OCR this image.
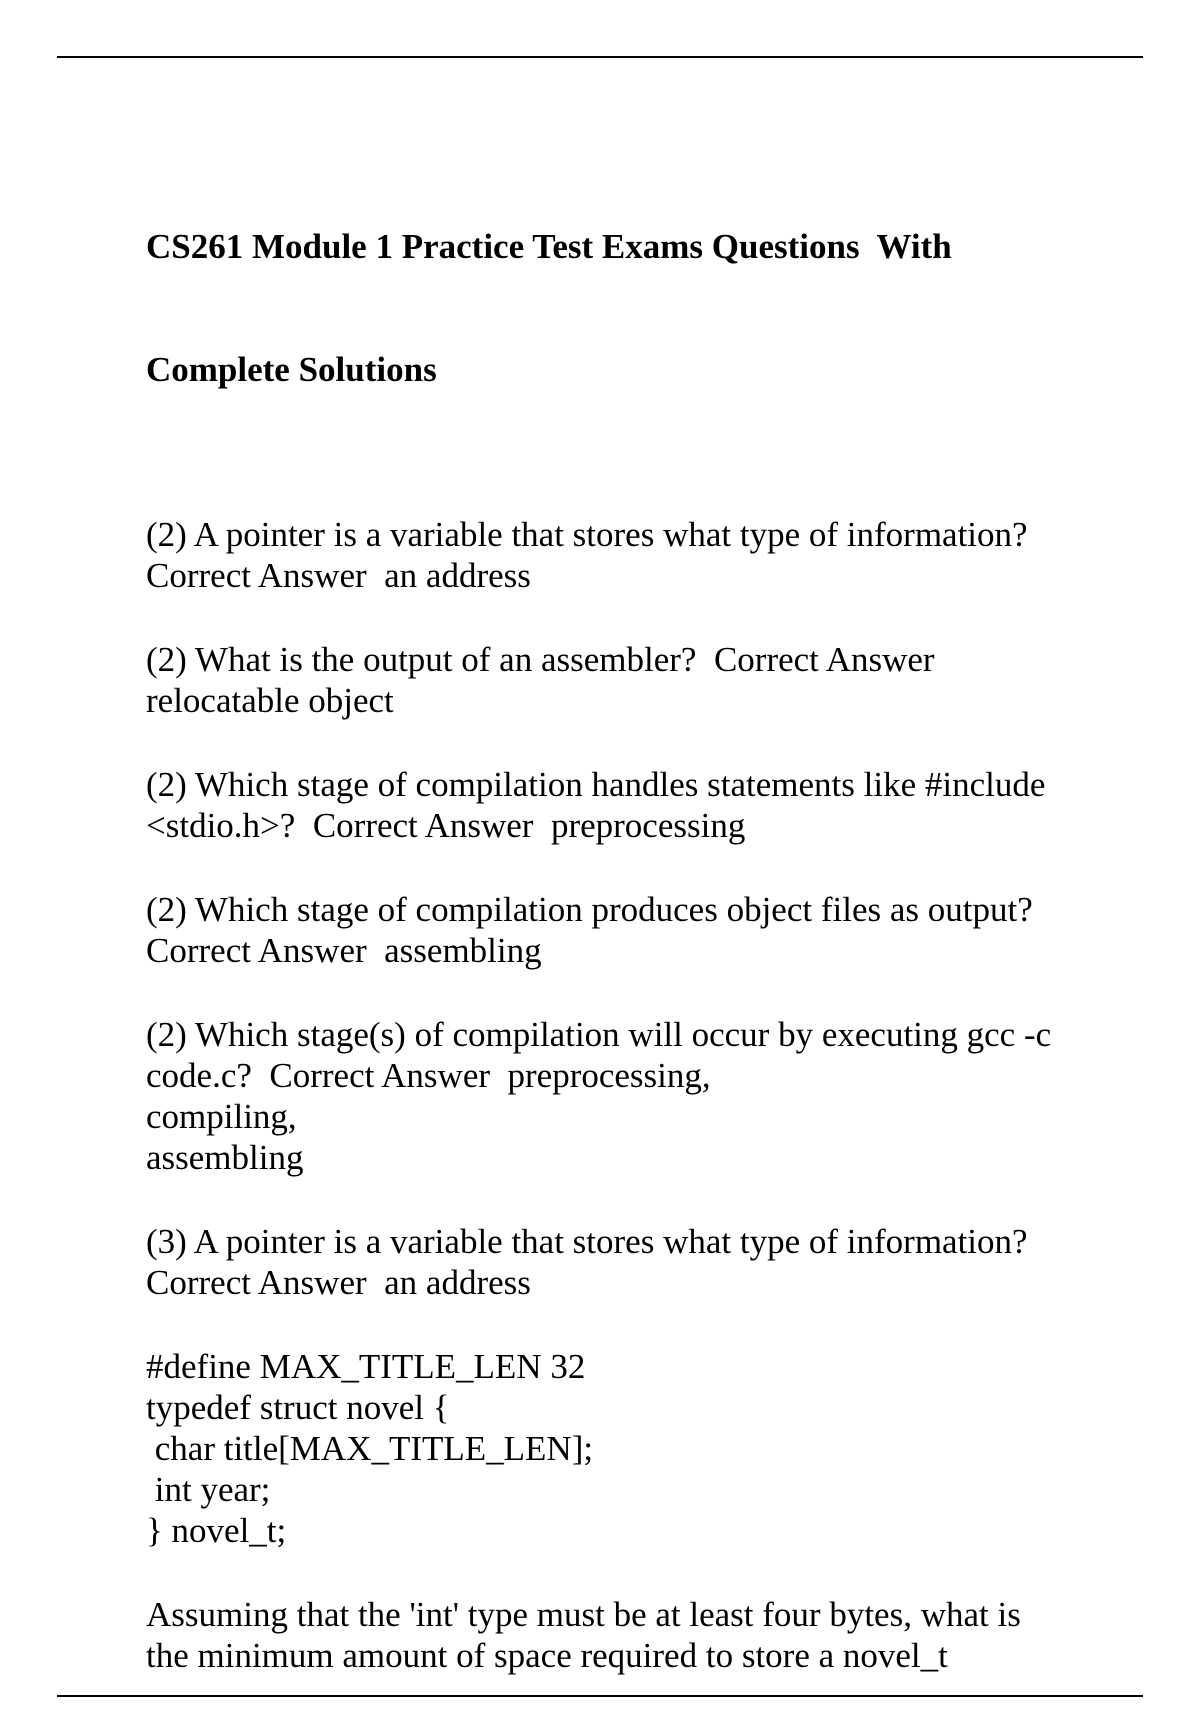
CS261 Module 1 Practice Test Exams Questions  With

Complete Solutions

(2) A pointer is a variable that stores what type of information?
Correct Answer  an address
(2) What is the output of an assembler?  Correct Answer
relocatable object
(2) Which stage of compilation handles statements like #include
<stdio.h>?  Correct Answer  preprocessing
(2) Which stage of compilation produces object files as output?
Correct Answer  assembling
(2) Which stage(s) of compilation will occur by executing gcc -c
code.c?  Correct Answer  preprocessing,
compiling,
assembling
(3) A pointer is a variable that stores what type of information?
Correct Answer  an address
#define MAX_TITLE_LEN 32
typedef struct novel {
char title[MAX_TITLE_LEN];
int year;
} novel_t;
Assuming that the 'int' type must be at least four bytes, what is
the minimum amount of space required to store a novel_t
